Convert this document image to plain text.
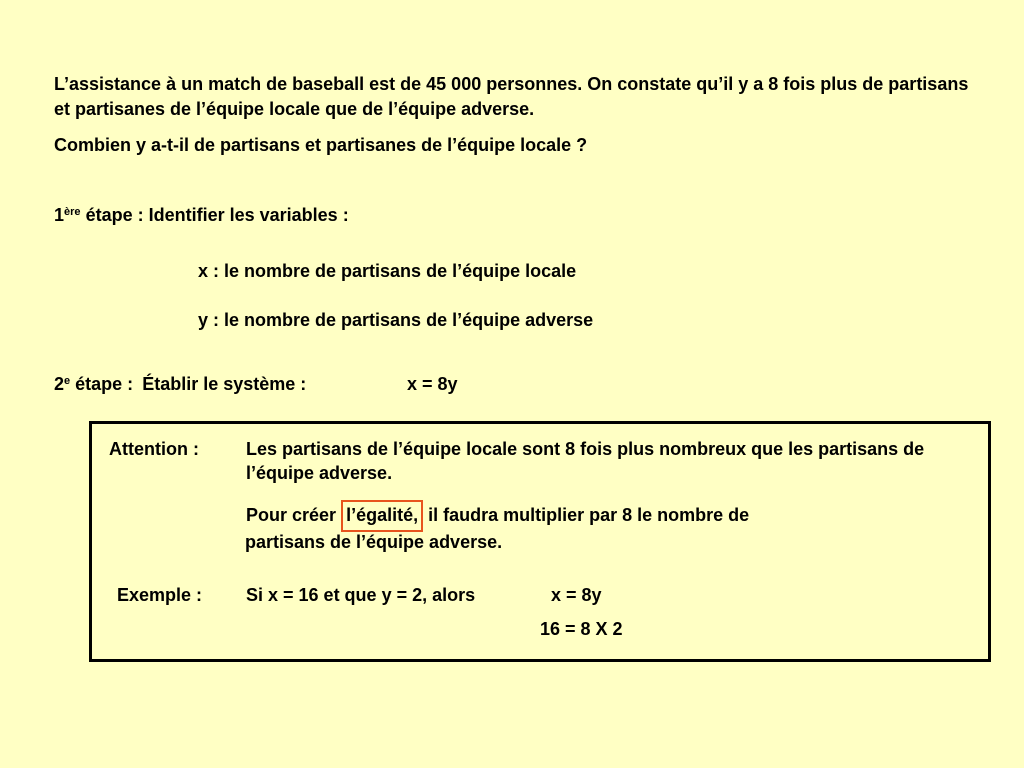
L’assistance à un match de baseball est de 45 000 personnes. On constate qu’il y a 8 fois plus de partisans et partisanes de l’équipe locale que de l’équipe adverse.
Combien y a-t-il de partisans et partisanes de l’équipe locale ?
1ère étape : Identifier les variables :
x : le nombre de partisans de l’équipe locale
y : le nombre de partisans de l’équipe adverse
2e étape : Établir le système :	x = 8y
Attention :	Les partisans de l’équipe locale sont 8 fois plus nombreux que les partisans de l’équipe adverse.
Pour créer l’égalité, il faudra multiplier par 8 le nombre de
partisans de l’équipe adverse.
Exemple : Si x = 16 et que y = 2, alors	x = 8y
16 = 8 X 2
